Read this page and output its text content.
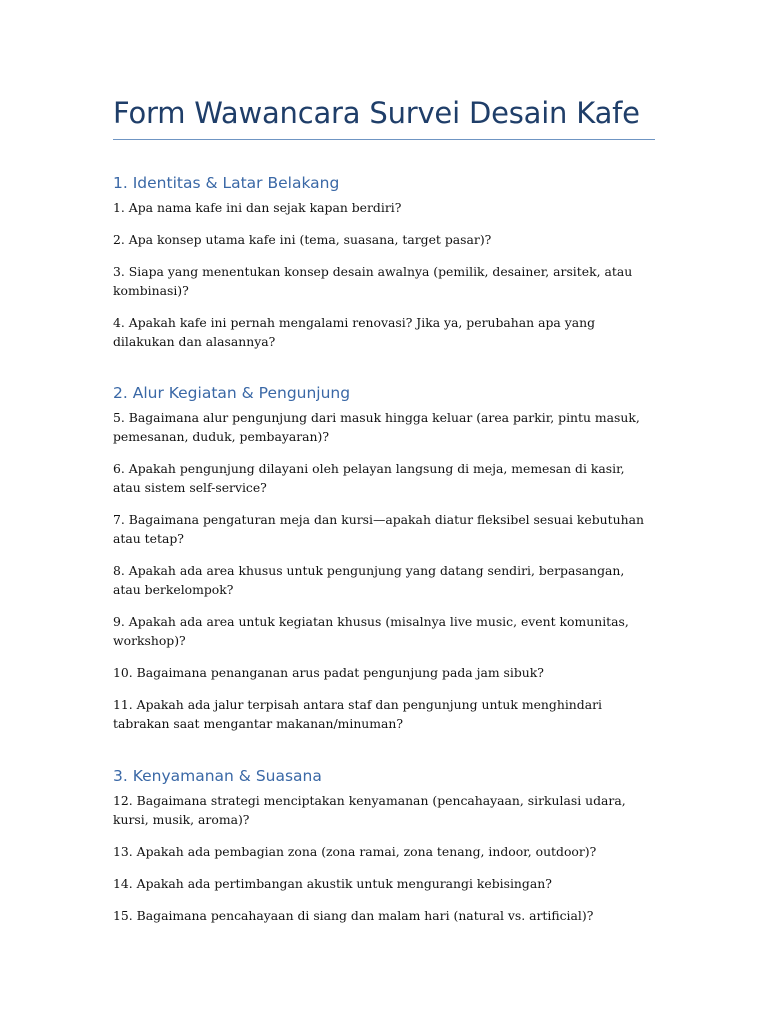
Form Wawancara Survei Desain Kafe
1. Identitas & Latar Belakang

1. Apa nama kafe ini dan sejak kapan berdiri?

2. Apa konsep utama kafe ini (tema, suasana, target pasar)?

3. Siapa yang menentukan konsep desain awalnya (pemilik, desainer, arsitek, atau kombinasi)?

4. Apakah kafe ini pernah mengalami renovasi? Jika ya, perubahan apa yang dilakukan dan alasannya?

2. Alur Kegiatan & Pengunjung

5. Bagaimana alur pengunjung dari masuk hingga keluar (area parkir, pintu masuk, pemesanan, duduk, pembayaran)?

6. Apakah pengunjung dilayani oleh pelayan langsung di meja, memesan di kasir, atau sistem self-service?

7. Bagaimana pengaturan meja dan kursi—apakah diatur fleksibel sesuai kebutuhan atau tetap?

8. Apakah ada area khusus untuk pengunjung yang datang sendiri, berpasangan, atau berkelompok?

9. Apakah ada area untuk kegiatan khusus (misalnya live music, event komunitas, workshop)?

10. Bagaimana penanganan arus padat pengunjung pada jam sibuk?

11. Apakah ada jalur terpisah antara staf dan pengunjung untuk menghindari tabrakan saat mengantar makanan/minuman?

3. Kenyamanan & Suasana

12. Bagaimana strategi menciptakan kenyamanan (pencahayaan, sirkulasi udara, kursi, musik, aroma)?

13. Apakah ada pembagian zona (zona ramai, zona tenang, indoor, outdoor)?

14. Apakah ada pertimbangan akustik untuk mengurangi kebisingan?

15. Bagaimana pencahayaan di siang dan malam hari (natural vs. artificial)?
